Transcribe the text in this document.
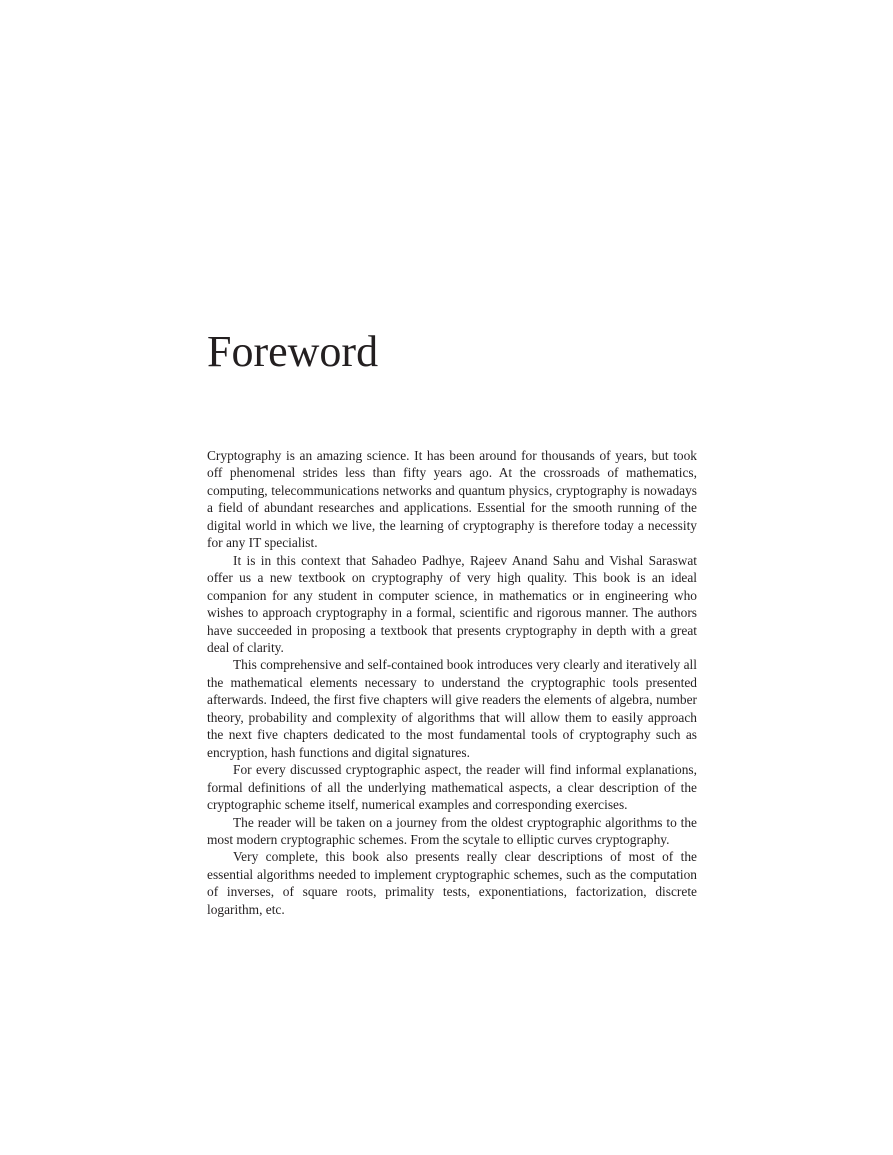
Foreword

Cryptography is an amazing science. It has been around for thousands of years, but took off phenomenal strides less than fifty years ago. At the crossroads of mathematics, computing, telecommunications networks and quantum physics, cryptography is nowadays a field of abundant researches and applications. Essential for the smooth running of the digital world in which we live, the learning of cryptography is therefore today a necessity for any IT specialist.

It is in this context that Sahadeo Padhye, Rajeev Anand Sahu and Vishal Saraswat offer us a new textbook on cryptography of very high quality. This book is an ideal companion for any student in computer science, in mathematics or in engineering who wishes to approach cryptography in a formal, scientific and rigorous manner. The authors have succeeded in proposing a textbook that presents cryptography in depth with a great deal of clarity.

This comprehensive and self-contained book introduces very clearly and iteratively all the mathematical elements necessary to understand the cryptographic tools presented afterwards. Indeed, the first five chapters will give readers the elements of algebra, number theory, probability and complexity of algorithms that will allow them to easily approach the next five chapters dedicated to the most fundamental tools of cryptography such as encryption, hash functions and digital signatures.

For every discussed cryptographic aspect, the reader will find informal explanations, formal definitions of all the underlying mathematical aspects, a clear description of the cryptographic scheme itself, numerical examples and corresponding exercises.

The reader will be taken on a journey from the oldest cryptographic algorithms to the most modern cryptographic schemes. From the scytale to elliptic curves cryptography.

Very complete, this book also presents really clear descriptions of most of the essential algorithms needed to implement cryptographic schemes, such as the computation of inverses, of square roots, primality tests, exponentiations, factorization, discrete logarithm, etc.
